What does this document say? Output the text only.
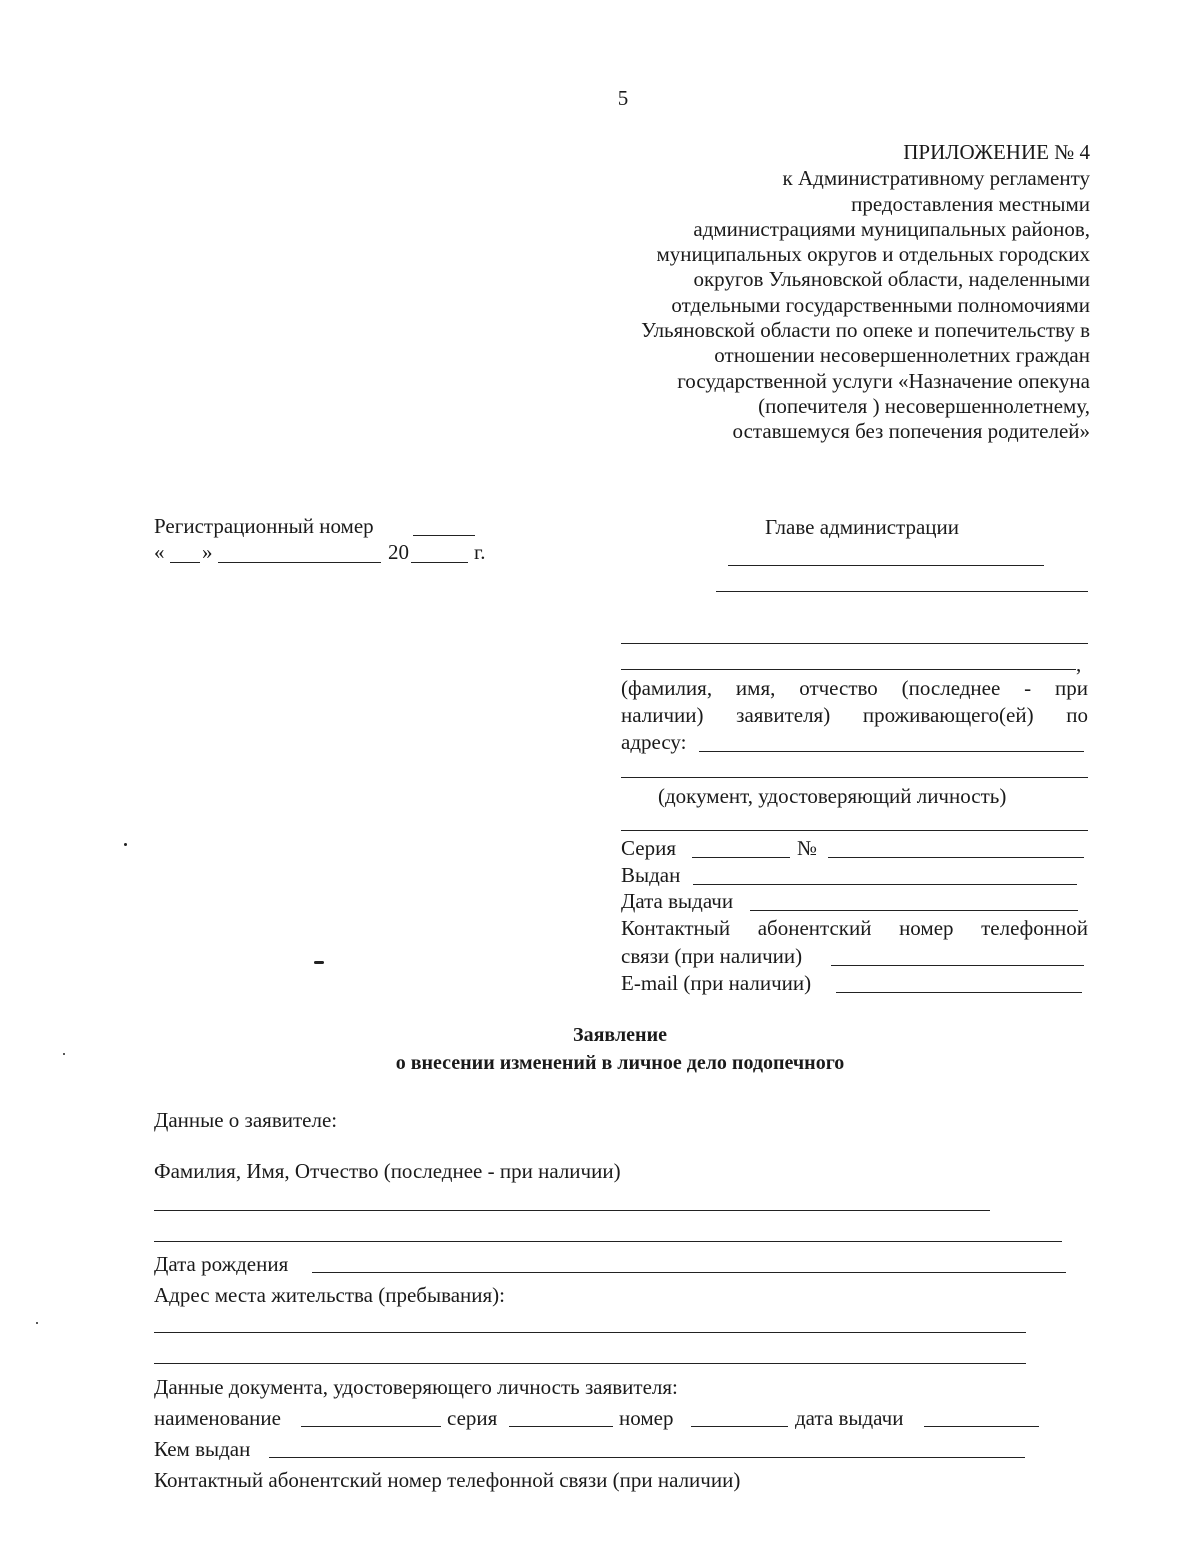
5
ПРИЛОЖЕНИЕ № 4
к Административному регламенту
предоставления местными
администрациями муниципальных районов,
муниципальных округов и отдельных городских
округов Ульяновской области, наделенными
отдельными государственными полномочиями
Ульяновской области по опеке и попечительству в
отношении несовершеннолетних граждан
государственной услуги «Назначение опекуна
(попечителя ) несовершеннолетнему,
оставшемуся без попечения родителей»
Регистрационный номер
« »	20	г.
Главе администрации
,
(фамилия, имя, отчество (последнее - при
наличии) заявителя) проживающего(ей) по
адресу:
(документ, удостоверяющий личность)
Серия	№
Выдан
Дата выдачи
Контактный абонентский номер телефонной
связи (при наличии)
E-mail (при наличии)
Заявление
о внесении изменений в личное дело подопечного
Данные о заявителе:
Фамилия, Имя, Отчество (последнее - при наличии)
Дата рождения
Адрес места жительства (пребывания):
Данные документа, удостоверяющего личность заявителя:
наименование	серия	номер	дата выдачи
Кем выдан
Контактный абонентский номер телефонной связи (при наличии)
